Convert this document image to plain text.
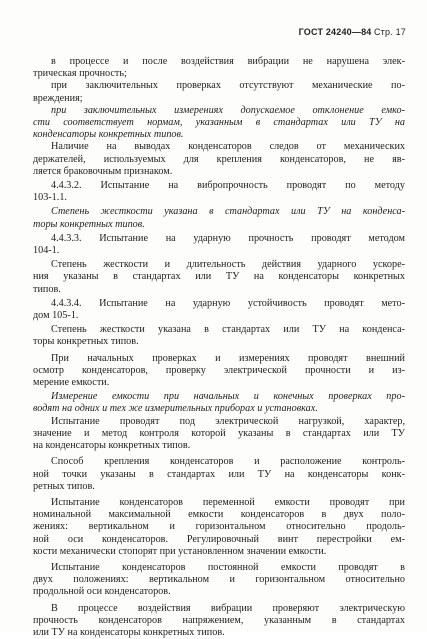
ГОСТ 24240—84 Стр. 17
в процессе и после воздействия вибрации не нарушена элек-
трическая прочность;
при заключительных проверках отсутствуют механические по-
вреждения;
при заключительных измерениях допускаемое отклонение емко-
сти соответствует нормам, указанным в стандартах или ТУ на
конденсаторы конкретных типов.
Наличие на выводах конденсаторов следов от механических
держателей, используемых для крепления конденсаторов, не яв-
ляется браковочным признаком.
4.4.3.2. Испытание на вибропрочность проводят по методу
103-1.1.
Степень жесткости указана в стандартах или ТУ на конденса-
торы конкретных типов.
4.4.3.3. Испытание на ударную прочность проводят методом
104-1.
Степень жесткости и длительность действия ударного ускоре-
ния указаны в стандартах или ТУ на конденсаторы конкретных
типов.
4.4.3.4. Испытание на ударную устойчивость проводят мето-
дом 105-1.
Степень жесткости указана в стандартах или ТУ на конденса-
торы конкретных типов.
При начальных проверках и измерениях проводят внешний
осмотр конденсаторов, проверку электрической прочности и из-
мерение емкости.
Измерение емкости при начальных и конечных проверках про-
водят на одних и тех же измерительных приборах и установках.
Испытание проводят под электрической нагрузкой, характер,
значение и метод контроля которой указаны в стандартах или ТУ
на конденсаторы конкретных типов.
Способ крепления конденсаторов и расположение контроль-
ной точки указаны в стандартах или ТУ на конденсаторы конк-
ретных типов.
Испытание конденсаторов переменной емкости проводят при
номинальной максимальной емкости конденсаторов в двух поло-
жениях: вертикальном и горизонтальном относительно продоль-
ной оси конденсаторов. Регулировочный винт перестройки ем-
кости механически стопорят при установленном значении емкости.
Испытание конденсаторов постоянной емкости проводят в
двух положениях: вертикальном и горизонтальном относительно
продольной оси конденсаторов.
В процессе воздействия вибрации проверяют электрическую
прочность конденсаторов напряжением, указанным в стандартах
или ТУ на конденсаторы конкретных типов.
